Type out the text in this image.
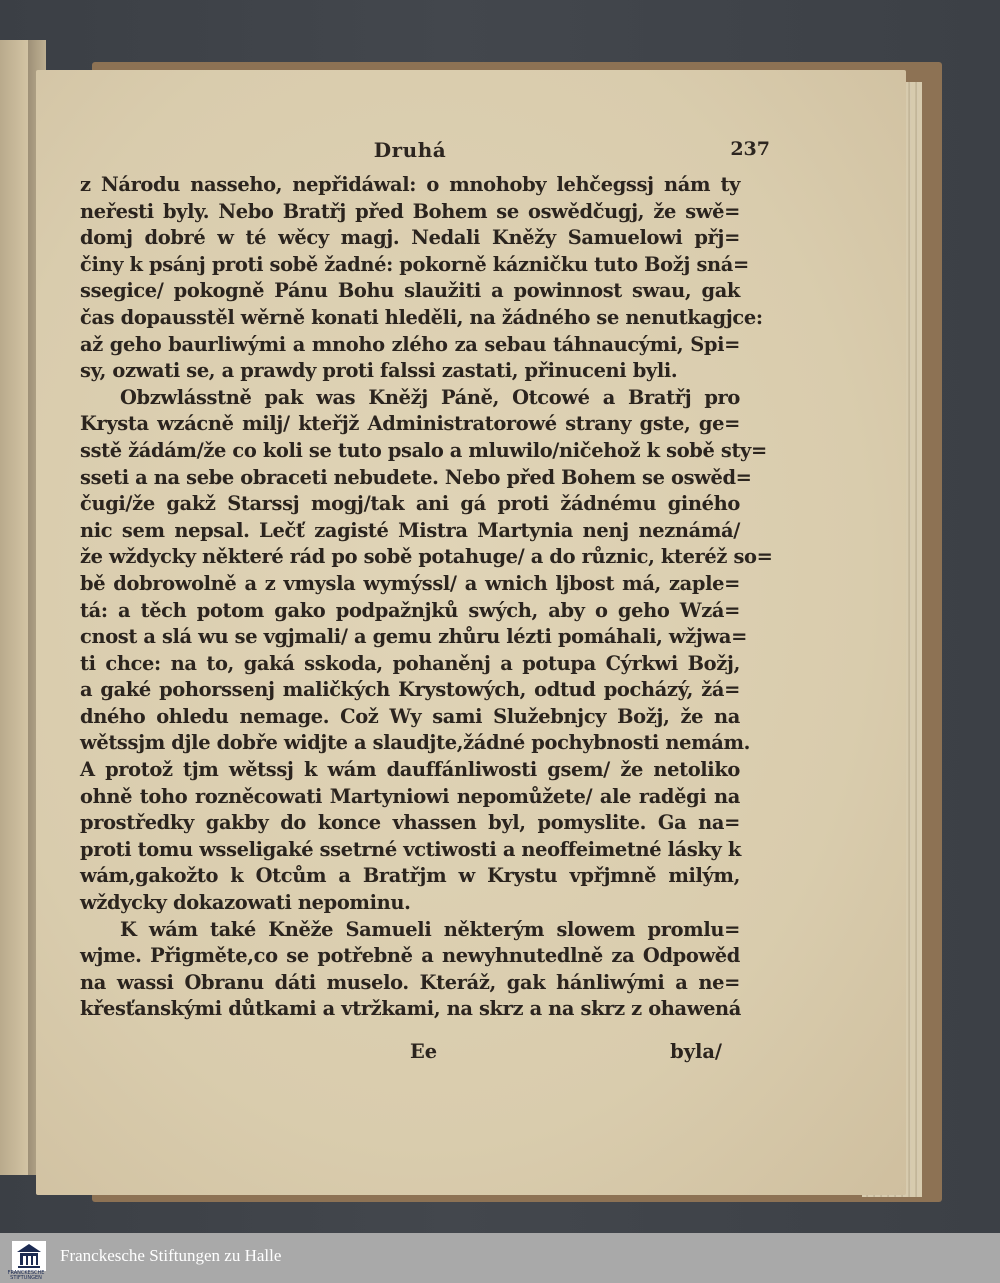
Druhá	237
z Národu nasseho, nepřidáwal: o mnohoby lehčegssj nám ty
neřesti byly. Nebo Bratřj před Bohem se oswědčugj, že swě=
domj dobré w té wěcy magj. Nedali Kněžy Samuelowi přj=
činy k psánj proti sobě žadné: pokorně kázničku tuto Božj sná=
ssegice/ pokogně Pánu Bohu slaužiti a powinnost swau, gak
čas dopausstěl wěrně konati hleděli, na žádného se nenutkagjce:
až geho baurliwými a mnoho zlého za sebau táhnaucými, Spi=
sy, ozwati se, a prawdy proti falssi zastati, přinuceni byli.
Obzwlásstně pak was Kněžj Páně, Otcowé a Bratřj pro
Krysta wzácně milj/ kteřjž Administratorowé strany gste, ge=
sstě žádám/že co koli se tuto psalo a mluwilo/ničehož k sobě sty=
sseti a na sebe obraceti nebudete. Nebo před Bohem se oswěd=
čugi/že gakž Starssj mogj/tak ani gá proti žádnému giného
nic sem nepsal. Lečť zagisté Mistra Martynia nenj neznámá/
že wždycky některé rád po sobě potahuge/ a do různic, kteréž so=
bě dobrowolně a z vmysla wymýssl/ a wnich ljbost má, zaple=
tá: a těch potom gako podpažnjků swých, aby o geho Wzá=
cnost a slá wu se vgjmali/ a gemu zhůru lézti pomáhali, wžjwa=
ti chce: na to, gaká sskoda, pohaněnj a potupa Cýrkwi Božj,
a gaké pohorssenj maličkých Krystowých, odtud pocházý, žá=
dného ohledu nemage. Což Wy sami Služebnjcy Božj, že na
wětssjm djle dobře widjte a slaudjte,žádné pochybnosti nemám.
A protož tjm wětssj k wám dauffánliwosti gsem/ že netoliko
ohně toho rozněcowati Martyniowi nepomůžete/ ale raděgi na
prostředky gakby do konce vhassen byl, pomyslite. Ga na=
proti tomu wsseligaké ssetrné vctiwosti a neoffeimetné lásky k
wám,gakožto k Otcům a Bratřjm w Krystu vpřjmně milým,
wždycky dokazowati nepominu.
K wám také Kněže Samueli některým slowem promlu=
wjme. Přigměte,co se potřebně a newyhnutedlně za Odpowěd
na wassi Obranu dáti muselo. Kteráž, gak hánliwými a ne=
křesťanskými důtkami a vtržkami, na skrz a na skrz z ohawená
Ee	byla/
FRANCKESCHE STIFTUNGEN
Franckesche Stiftungen zu Halle
